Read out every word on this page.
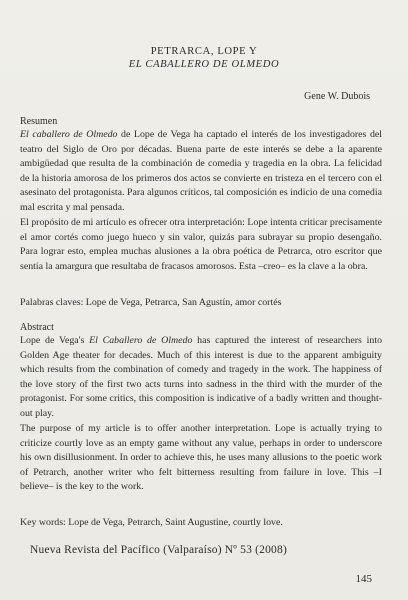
PETRARCA, LOPE Y
EL CABALLERO DE OLMEDO
Gene W. Dubois
Resumen
El caballero de Olmedo de Lope de Vega ha captado el interés de los investigadores del teatro del Siglo de Oro por décadas. Buena parte de este interés se debe a la aparente ambigüedad que resulta de la combinación de comedia y tragedia en la obra. La felicidad de la historia amorosa de los primeros dos actos se convierte en tristeza en el tercero con el asesinato del protagonista. Para algunos críticos, tal composición es indicio de una comedia mal escrita y mal pensada.
El propósito de mi artículo es ofrecer otra interpretación: Lope intenta criticar precisamente el amor cortés como juego hueco y sin valor, quizás para subrayar su propio desengaño. Para lograr esto, emplea muchas alusiones a la obra poética de Petrarca, otro escritor que sentía la amargura que resultaba de fracasos amorosos. Esta –creo– es la clave a la obra.
Palabras claves: Lope de Vega, Petrarca, San Agustín, amor cortés
Abstract
Lope de Vega's El Caballero de Olmedo has captured the interest of researchers into Golden Age theater for decades. Much of this interest is due to the apparent ambiguity which results from the combination of comedy and tragedy in the work. The happiness of the love story of the first two acts turns into sadness in the third with the murder of the protagonist. For some critics, this composition is indicative of a badly written and thought-out play.
The purpose of my article is to offer another interpretation. Lope is actually trying to criticize courtly love as an empty game without any value, perhaps in order to underscore his own disillusionment. In order to achieve this, he uses many allusions to the poetic work of Petrarch, another writer who felt bitterness resulting from failure in love. This –I believe– is the key to the work.
Key words: Lope de Vega, Petrarch, Saint Augustine, courtly love.
Nueva Revista del Pacífico (Valparaíso) Nº 53 (2008)
145
